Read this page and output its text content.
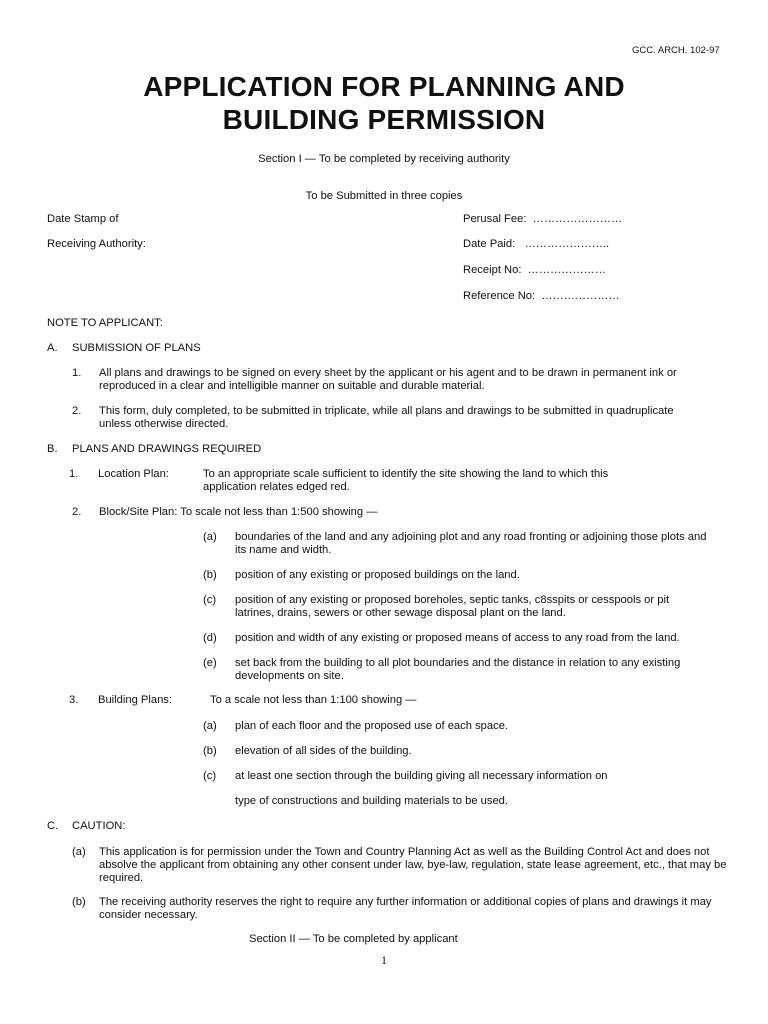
GCC. ARCH. 102-97
APPLICATION FOR PLANNING AND
BUILDING PERMISSION
Section I — To be completed by receiving authority
To be Submitted in three copies
Date Stamp of
Receiving Authority:
Perusal Fee: ……………………
Date Paid: …………………..
Receipt No: …………………
Reference No: …………………
NOTE TO APPLICANT:
A. SUBMISSION OF PLANS
1. All plans and drawings to be signed on every sheet by the applicant or his agent and to be drawn in permanent ink or reproduced in a clear and intelligible manner on suitable and durable material.
2. This form, duly completed, to be submitted in triplicate, while all plans and drawings to be submitted in quadruplicate unless otherwise directed.
B. PLANS AND DRAWINGS REQUIRED
1. Location Plan:	To an appropriate scale sufficient to identify the site showing the land to which this application relates edged red.
2. Block/Site Plan: To scale not less than 1:500 showing —
(a) boundaries of the land and any adjoining plot and any road fronting or adjoining those plots and its name and width.
(b) position of any existing or proposed buildings on the land.
(c) position of any existing or proposed boreholes, septic tanks, c8sspits or cesspools or pit latrines, drains, sewers or other sewage disposal plant on the land.
(d) position and width of any existing or proposed means of access to any road from the land.
(e) set back from the building to all plot boundaries and the distance in relation to any existing developments on site.
3. Building Plans:	To a scale not less than 1:100 showing —
(a) plan of each floor and the proposed use of each space.
(b) elevation of all sides of the building.
(c) at least one section through the building giving all necessary information on
type of constructions and building materials to be used.
C. CAUTION:
(a) This application is for permission under the Town and Country Planning Act as well as the Building Control Act and does not absolve the applicant from obtaining any other consent under law, bye-law, regulation, state lease agreement, etc., that may be required.
(b) The receiving authority reserves the right to require any further information or additional copies of plans and drawings it may consider necessary.
Section II — To be completed by applicant
1
